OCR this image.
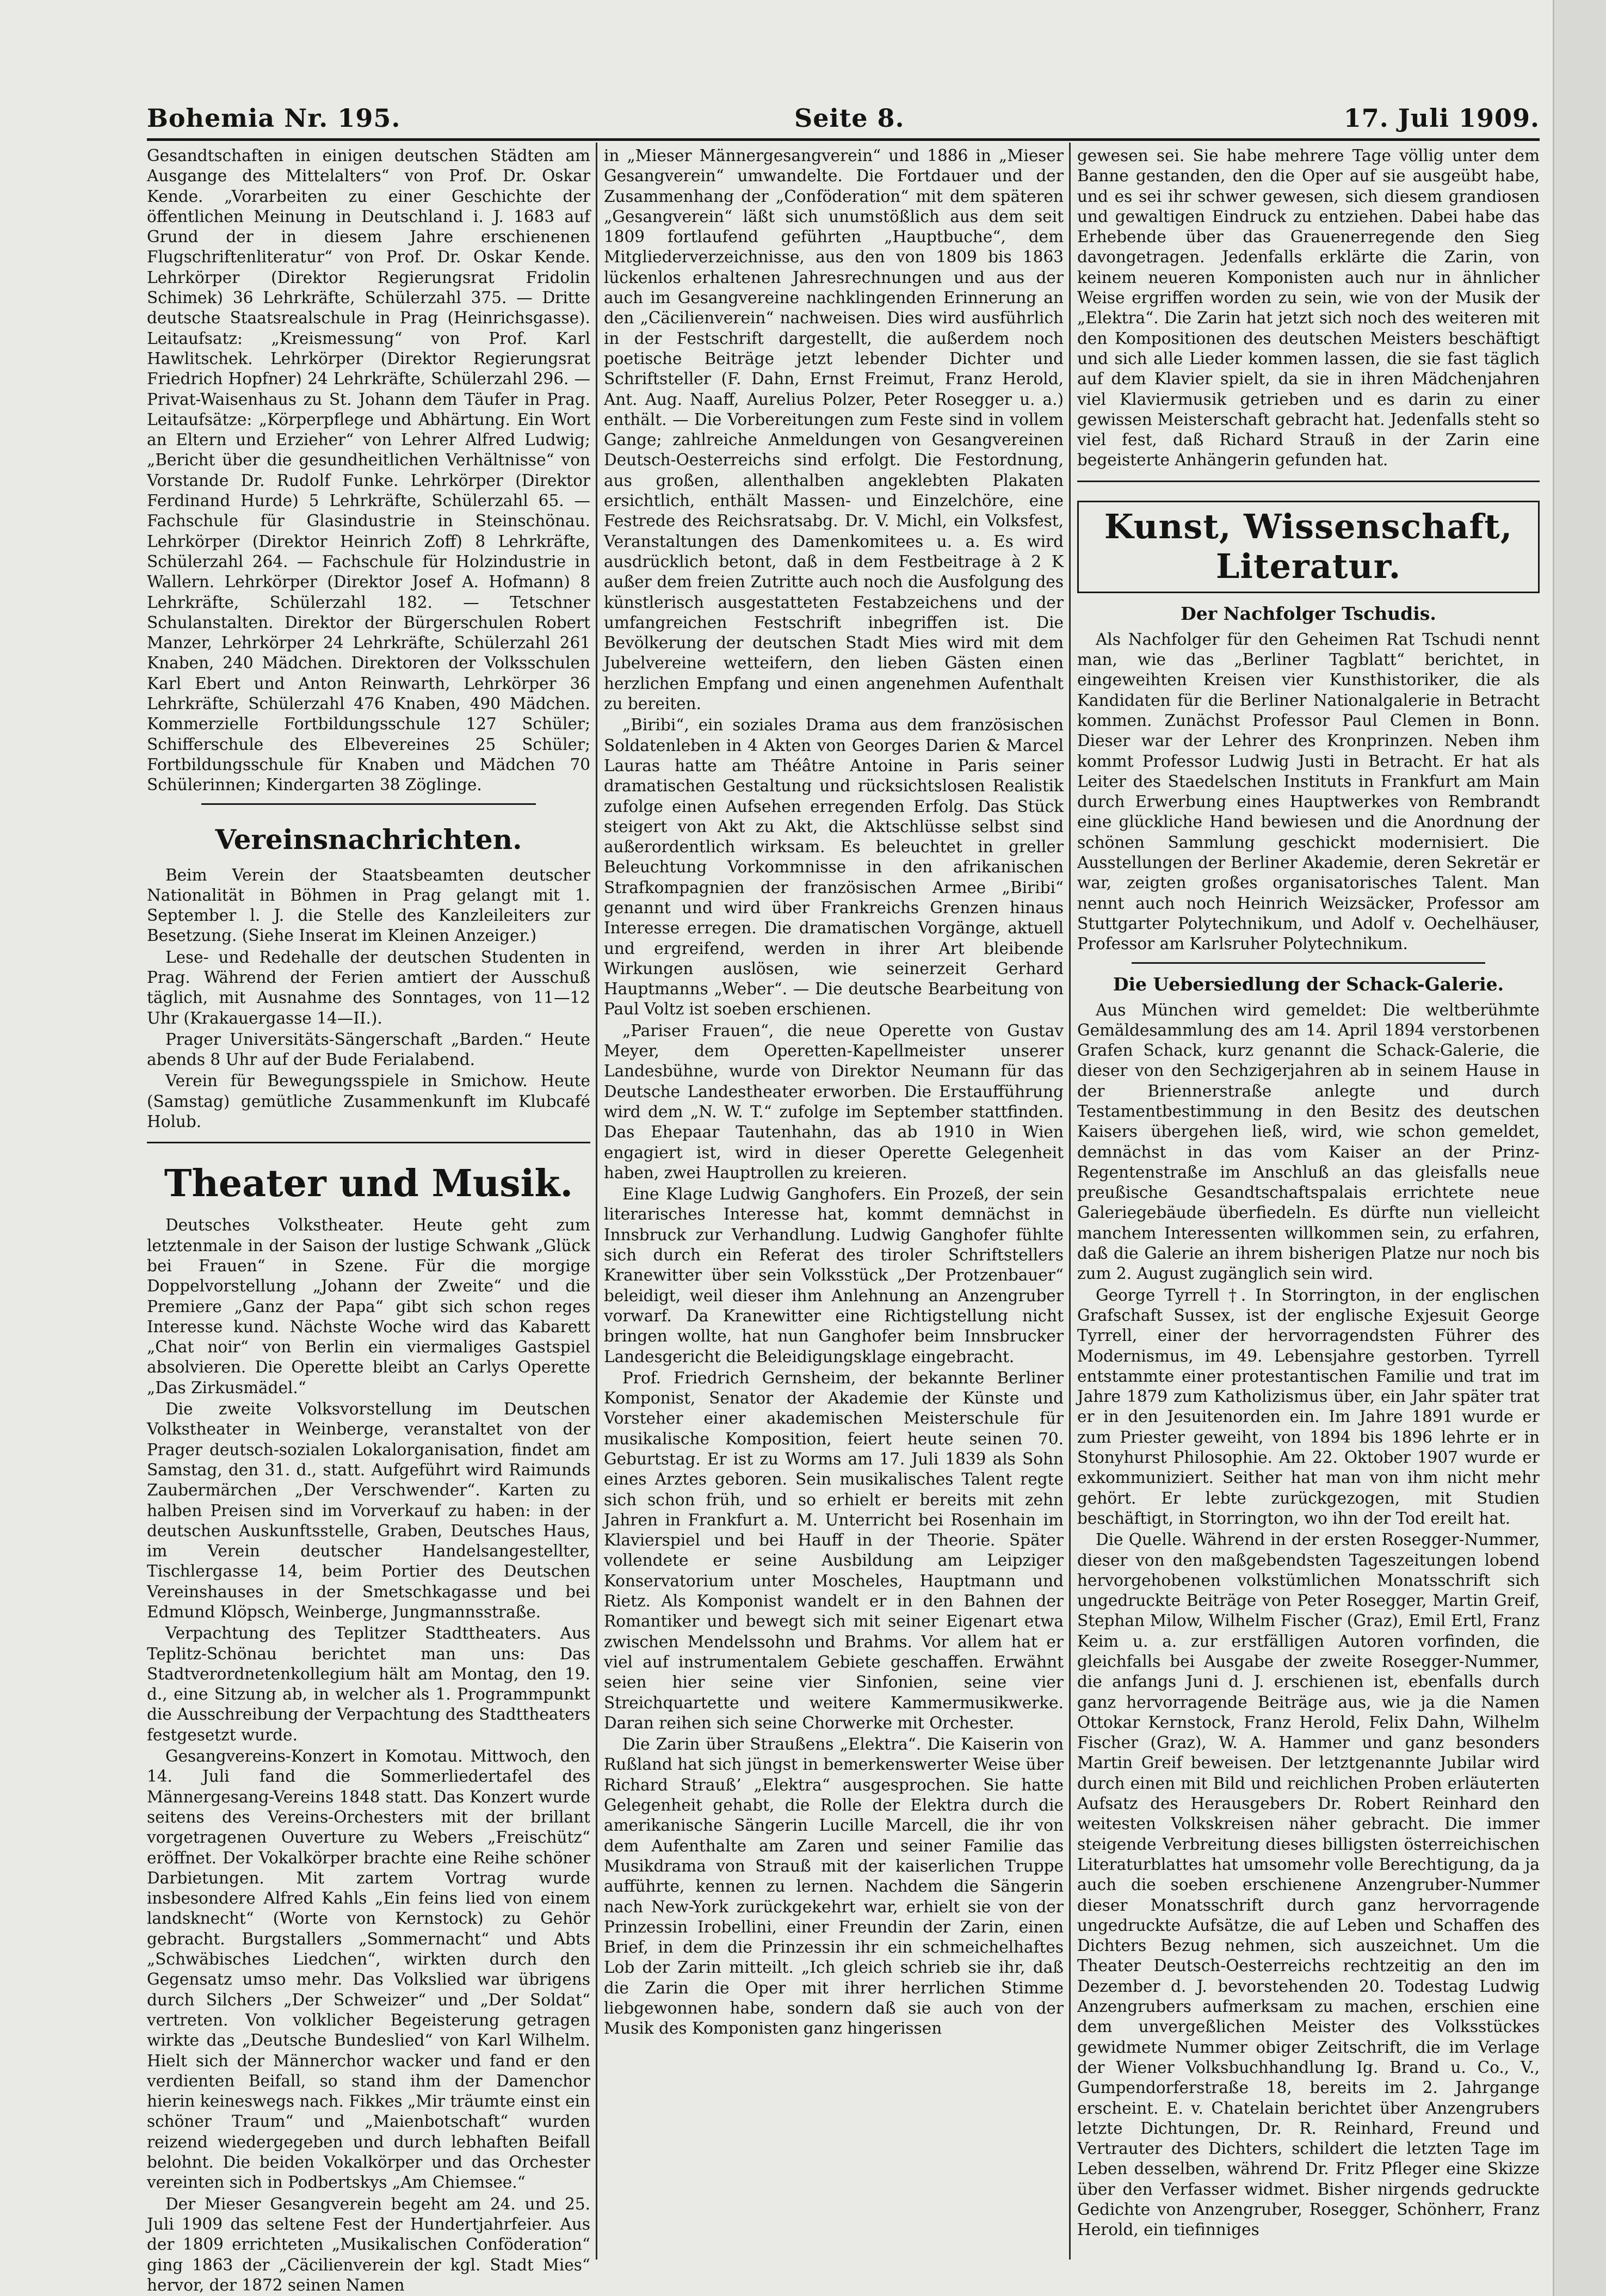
Bohemia Nr. 195.	Seite 8.	17. Juli 1909.

Gesandtschaften in einigen deutschen Städten am Ausgange des Mittelalters“ von Prof. Dr. Oskar Kende. „Vorarbeiten zu einer Geschichte der öffentlichen Meinung in Deutschland i. J. 1683 auf Grund der in diesem Jahre erschienenen Flugschriftenliteratur“ von Prof. Dr. Oskar Kende. Lehrkörper (Direktor Regierungsrat Fridolin Schimek) 36 Lehrkräfte, Schülerzahl 375. — Dritte deutsche Staatsrealschule in Prag (Heinrichsgasse). Leitaufsatz: „Kreismessung“ von Prof. Karl Hawlitschek. Lehrkörper (Direktor Regierungsrat Friedrich Hopfner) 24 Lehrkräfte, Schülerzahl 296. — Privat-Waisenhaus zu St. Johann dem Täufer in Prag. Leitaufsätze: „Körperpflege und Abhärtung. Ein Wort an Eltern und Erzieher“ von Lehrer Alfred Ludwig; „Bericht über die gesundheitlichen Verhältnisse“ von Vorstande Dr. Rudolf Funke. Lehrkörper (Direktor Ferdinand Hurde) 5 Lehrkräfte, Schülerzahl 65. — Fachschule für Glasindustrie in Steinschönau. Lehrkörper (Direktor Heinrich Zoff) 8 Lehrkräfte, Schülerzahl 264. — Fachschule für Holzindustrie in Wallern. Lehrkörper (Direktor Josef A. Hofmann) 8 Lehrkräfte, Schülerzahl 182. — Tetschner Schulanstalten. Direktor der Bürgerschulen Robert Manzer, Lehrkörper 24 Lehrkräfte, Schülerzahl 261 Knaben, 240 Mädchen. Direktoren der Volksschulen Karl Ebert und Anton Reinwarth, Lehrkörper 36 Lehrkräfte, Schülerzahl 476 Knaben, 490 Mädchen. Kommerzielle Fortbildungsschule 127 Schüler; Schifferschule des Elbevereines 25 Schüler; Fortbildungsschule für Knaben und Mädchen 70 Schülerinnen; Kindergarten 38 Zöglinge.

Vereinsnachrichten.

Beim Verein der Staatsbeamten deutscher Nationalität in Böhmen in Prag gelangt mit 1. September l. J. die Stelle des Kanzleileiters zur Besetzung. (Siehe Inserat im Kleinen Anzeiger.)

Lese- und Redehalle der deutschen Studenten in Prag. Während der Ferien amtiert der Ausschuß täglich, mit Ausnahme des Sonntages, von 11—12 Uhr (Krakauergasse 14—II.).

Prager Universitäts-Sängerschaft „Barden.“ Heute abends 8 Uhr auf der Bude Ferialabend.

Verein für Bewegungsspiele in Smichow. Heute (Samstag) gemütliche Zusammenkunft im Klubcafé Holub.

Theater und Musik.

Deutsches Volkstheater. Heute geht zum letztenmale in der Saison der lustige Schwank „Glück bei Frauen“ in Szene. Für die morgige Doppelvorstellung „Johann der Zweite“ und die Premiere „Ganz der Papa“ gibt sich schon reges Interesse kund. Nächste Woche wird das Kabarett „Chat noir“ von Berlin ein viermaliges Gastspiel absolvieren. Die Operette bleibt an Carlys Operette „Das Zirkusmädel.“

Die zweite Volksvorstellung im Deutschen Volkstheater in Weinberge, veranstaltet von der Prager deutsch-sozialen Lokalorganisation, findet am Samstag, den 31. d., statt. Aufgeführt wird Raimunds Zaubermärchen „Der Verschwender“. Karten zu halben Preisen sind im Vorverkauf zu haben: in der deutschen Auskunftsstelle, Graben, Deutsches Haus, im Verein deutscher Handelsangestellter, Tischlergasse 14, beim Portier des Deutschen Vereinshauses in der Smetschkagasse und bei Edmund Klöpsch, Weinberge, Jungmannsstraße.

Verpachtung des Teplitzer Stadttheaters. Aus Teplitz-Schönau berichtet man uns: Das Stadtverordnetenkollegium hält am Montag, den 19. d., eine Sitzung ab, in welcher als 1. Programmpunkt die Ausschreibung der Verpachtung des Stadttheaters festgesetzt wurde.

Gesangvereins-Konzert in Komotau. Mittwoch, den 14. Juli fand die Sommerliedertafel des Männergesang-Vereins 1848 statt. Das Konzert wurde seitens des Vereins-Orchesters mit der brillant vorgetragenen Ouverture zu Webers „Freischütz“ eröffnet. Der Vokalkörper brachte eine Reihe schöner Darbietungen. Mit zartem Vortrag wurde insbesondere Alfred Kahls „Ein feins lied von einem landsknecht“ (Worte von Kernstock) zu Gehör gebracht. Burgstallers „Sommernacht“ und Abts „Schwäbisches Liedchen“, wirkten durch den Gegensatz umso mehr. Das Volkslied war übrigens durch Silchers „Der Schweizer“ und „Der Soldat“ vertreten. Von volklicher Begeisterung getragen wirkte das „Deutsche Bundeslied“ von Karl Wilhelm. Hielt sich der Männerchor wacker und fand er den verdienten Beifall, so stand ihm der Damenchor hierin keineswegs nach. Fikkes „Mir träumte einst ein schöner Traum“ und „Maienbotschaft“ wurden reizend wiedergegeben und durch lebhaften Beifall belohnt. Die beiden Vokalkörper und das Orchester vereinten sich in Podbertskys „Am Chiemsee.“

Der Mieser Gesangverein begeht am 24. und 25. Juli 1909 das seltene Fest der Hundertjahrfeier. Aus der 1809 errichteten „Musikalischen Conföderation“ ging 1863 der „Cäcilienverein der kgl. Stadt Mies“ hervor, der 1872 seinen Namen

in „Mieser Männergesangverein“ und 1886 in „Mieser Gesangverein“ umwandelte. Die Fortdauer und der Zusammenhang der „Conföderation“ mit dem späteren „Gesangverein“ läßt sich unumstößlich aus dem seit 1809 fortlaufend geführten „Hauptbuche“, dem Mitgliederverzeichnisse, aus den von 1809 bis 1863 lückenlos erhaltenen Jahresrechnungen und aus der auch im Gesangvereine nachklingenden Erinnerung an den „Cäcilienverein“ nachweisen. Dies wird ausführlich in der Festschrift dargestellt, die außerdem noch poetische Beiträge jetzt lebender Dichter und Schriftsteller (F. Dahn, Ernst Freimut, Franz Herold, Ant. Aug. Naaff, Aurelius Polzer, Peter Rosegger u. a.) enthält. — Die Vorbereitungen zum Feste sind in vollem Gange; zahlreiche Anmeldungen von Gesangvereinen Deutsch-Oesterreichs sind erfolgt. Die Festordnung, aus großen, allenthalben angeklebten Plakaten ersichtlich, enthält Massen- und Einzelchöre, eine Festrede des Reichsratsabg. Dr. V. Michl, ein Volksfest, Veranstaltungen des Damenkomitees u. a. Es wird ausdrücklich betont, daß in dem Festbeitrage à 2 K außer dem freien Zutritte auch noch die Ausfolgung des künstlerisch ausgestatteten Festabzeichens und der umfangreichen Festschrift inbegriffen ist. Die Bevölkerung der deutschen Stadt Mies wird mit dem Jubelvereine wetteifern, den lieben Gästen einen herzlichen Empfang und einen angenehmen Aufenthalt zu bereiten.

„Biribi“, ein soziales Drama aus dem französischen Soldatenleben in 4 Akten von Georges Darien & Marcel Lauras hatte am Théâtre Antoine in Paris seiner dramatischen Gestaltung und rücksichtslosen Realistik zufolge einen Aufsehen erregenden Erfolg. Das Stück steigert von Akt zu Akt, die Aktschlüsse selbst sind außerordentlich wirksam. Es beleuchtet in greller Beleuchtung Vorkommnisse in den afrikanischen Strafkompagnien der französischen Armee „Biribi“ genannt und wird über Frankreichs Grenzen hinaus Interesse erregen. Die dramatischen Vorgänge, aktuell und ergreifend, werden in ihrer Art bleibende Wirkungen auslösen, wie seinerzeit Gerhard Hauptmanns „Weber“. — Die deutsche Bearbeitung von Paul Voltz ist soeben erschienen.

„Pariser Frauen“, die neue Operette von Gustav Meyer, dem Operetten-Kapellmeister unserer Landesbühne, wurde von Direktor Neumann für das Deutsche Landestheater erworben. Die Erstaufführung wird dem „N. W. T.“ zufolge im September stattfinden. Das Ehepaar Tautenhahn, das ab 1910 in Wien engagiert ist, wird in dieser Operette Gelegenheit haben, zwei Hauptrollen zu kreieren.

Eine Klage Ludwig Ganghofers. Ein Prozeß, der sein literarisches Interesse hat, kommt demnächst in Innsbruck zur Verhandlung. Ludwig Ganghofer fühlte sich durch ein Referat des tiroler Schriftstellers Kranewitter über sein Volksstück „Der Protzenbauer“ beleidigt, weil dieser ihm Anlehnung an Anzengruber vorwarf. Da Kranewitter eine Richtigstellung nicht bringen wollte, hat nun Ganghofer beim Innsbrucker Landesgericht die Beleidigungsklage eingebracht.

Prof. Friedrich Gernsheim, der bekannte Berliner Komponist, Senator der Akademie der Künste und Vorsteher einer akademischen Meisterschule für musikalische Komposition, feiert heute seinen 70. Geburtstag. Er ist zu Worms am 17. Juli 1839 als Sohn eines Arztes geboren. Sein musikalisches Talent regte sich schon früh, und so erhielt er bereits mit zehn Jahren in Frankfurt a. M. Unterricht bei Rosenhain im Klavierspiel und bei Hauff in der Theorie. Später vollendete er seine Ausbildung am Leipziger Konservatorium unter Moscheles, Hauptmann und Rietz. Als Komponist wandelt er in den Bahnen der Romantiker und bewegt sich mit seiner Eigenart etwa zwischen Mendelssohn und Brahms. Vor allem hat er viel auf instrumentalem Gebiete geschaffen. Erwähnt seien hier seine vier Sinfonien, seine vier Streichquartette und weitere Kammermusikwerke. Daran reihen sich seine Chorwerke mit Orchester.

Die Zarin über Straußens „Elektra“. Die Kaiserin von Rußland hat sich jüngst in bemerkenswerter Weise über Richard Strauß’ „Elektra“ ausgesprochen. Sie hatte Gelegenheit gehabt, die Rolle der Elektra durch die amerikanische Sängerin Lucille Marcell, die ihr von dem Aufenthalte am Zaren und seiner Familie das Musikdrama von Strauß mit der kaiserlichen Truppe aufführte, kennen zu lernen. Nachdem die Sängerin nach New-York zurückgekehrt war, erhielt sie von der Prinzessin Irobellini, einer Freundin der Zarin, einen Brief, in dem die Prinzessin ihr ein schmeichelhaftes Lob der Zarin mitteilt. „Ich gleich schrieb sie ihr, daß die Zarin die Oper mit ihrer herrlichen Stimme liebgewonnen habe, sondern daß sie auch von der Musik des Komponisten ganz hingerissen

gewesen sei. Sie habe mehrere Tage völlig unter dem Banne gestanden, den die Oper auf sie ausgeübt habe, und es sei ihr schwer gewesen, sich diesem grandiosen und gewaltigen Eindruck zu entziehen. Dabei habe das Erhebende über das Grauenerregende den Sieg davongetragen. Jedenfalls erklärte die Zarin, von keinem neueren Komponisten auch nur in ähnlicher Weise ergriffen worden zu sein, wie von der Musik der „Elektra“. Die Zarin hat jetzt sich noch des weiteren mit den Kompositionen des deutschen Meisters beschäftigt und sich alle Lieder kommen lassen, die sie fast täglich auf dem Klavier spielt, da sie in ihren Mädchenjahren viel Klaviermusik getrieben und es darin zu einer gewissen Meisterschaft gebracht hat. Jedenfalls steht so viel fest, daß Richard Strauß in der Zarin eine begeisterte Anhängerin gefunden hat.

Kunst, Wissenschaft, Literatur.
Der Nachfolger Tschudis.

Als Nachfolger für den Geheimen Rat Tschudi nennt man, wie das „Berliner Tagblatt“ berichtet, in eingeweihten Kreisen vier Kunsthistoriker, die als Kandidaten für die Berliner Nationalgalerie in Betracht kommen. Zunächst Professor Paul Clemen in Bonn. Dieser war der Lehrer des Kronprinzen. Neben ihm kommt Professor Ludwig Justi in Betracht. Er hat als Leiter des Staedelschen Instituts in Frankfurt am Main durch Erwerbung eines Hauptwerkes von Rembrandt eine glückliche Hand bewiesen und die Anordnung der schönen Sammlung geschickt modernisiert. Die Ausstellungen der Berliner Akademie, deren Sekretär er war, zeigten großes organisatorisches Talent. Man nennt auch noch Heinrich Weizsäcker, Professor am Stuttgarter Polytechnikum, und Adolf v. Oechelhäuser, Professor am Karlsruher Polytechnikum.

Die Uebersiedlung der Schack-Galerie.

Aus München wird gemeldet: Die weltberühmte Gemäldesammlung des am 14. April 1894 verstorbenen Grafen Schack, kurz genannt die Schack-Galerie, die dieser von den Sechzigerjahren ab in seinem Hause in der Briennerstraße anlegte und durch Testamentbestimmung in den Besitz des deutschen Kaisers übergehen ließ, wird, wie schon gemeldet, demnächst in das vom Kaiser an der Prinz-Regentenstraße im Anschluß an das gleisfalls neue preußische Gesandtschaftspalais errichtete neue Galeriegebäude überfiedeln. Es dürfte nun vielleicht manchem Interessenten willkommen sein, zu erfahren, daß die Galerie an ihrem bisherigen Platze nur noch bis zum 2. August zugänglich sein wird.

George Tyrrell †. In Storrington, in der englischen Grafschaft Sussex, ist der englische Exjesuit George Tyrrell, einer der hervorragendsten Führer des Modernismus, im 49. Lebensjahre gestorben. Tyrrell entstammte einer protestantischen Familie und trat im Jahre 1879 zum Katholizismus über, ein Jahr später trat er in den Jesuitenorden ein. Im Jahre 1891 wurde er zum Priester geweiht, von 1894 bis 1896 lehrte er in Stonyhurst Philosophie. Am 22. Oktober 1907 wurde er exkommuniziert. Seither hat man von ihm nicht mehr gehört. Er lebte zurückgezogen, mit Studien beschäftigt, in Storrington, wo ihn der Tod ereilt hat.

Die Quelle. Während in der ersten Rosegger-Nummer, dieser von den maßgebendsten Tageszeitungen lobend hervorgehobenen volkstümlichen Monatsschrift sich ungedruckte Beiträge von Peter Rosegger, Martin Greif, Stephan Milow, Wilhelm Fischer (Graz), Emil Ertl, Franz Keim u. a. zur erstfälligen Autoren vorfinden, die gleichfalls bei Ausgabe der zweite Rosegger-Nummer, die anfangs Juni d. J. erschienen ist, ebenfalls durch ganz hervorragende Beiträge aus, wie ja die Namen Ottokar Kernstock, Franz Herold, Felix Dahn, Wilhelm Fischer (Graz), W. A. Hammer und ganz besonders Martin Greif beweisen. Der letztgenannte Jubilar wird durch einen mit Bild und reichlichen Proben erläuterten Aufsatz des Herausgebers Dr. Robert Reinhard den weitesten Volkskreisen näher gebracht. Die immer steigende Verbreitung dieses billigsten österreichischen Literaturblattes hat umsomehr volle Berechtigung, da ja auch die soeben erschienene Anzengruber-Nummer dieser Monatsschrift durch ganz hervorragende ungedruckte Aufsätze, die auf Leben und Schaffen des Dichters Bezug nehmen, sich auszeichnet. Um die Theater Deutsch-Oesterreichs rechtzeitig an den im Dezember d. J. bevorstehenden 20. Todestag Ludwig Anzengrubers aufmerksam zu machen, erschien eine dem unvergeßlichen Meister des Volksstückes gewidmete Nummer obiger Zeitschrift, die im Verlage der Wiener Volksbuchhandlung Ig. Brand u. Co., V., Gumpendorferstraße 18, bereits im 2. Jahrgange erscheint. E. v. Chatelain berichtet über Anzengrubers letzte Dichtungen, Dr. R. Reinhard, Freund und Vertrauter des Dichters, schildert die letzten Tage im Leben desselben, während Dr. Fritz Pfleger eine Skizze über den Verfasser widmet. Bisher nirgends gedruckte Gedichte von Anzengruber, Rosegger, Schönherr, Franz Herold, ein tiefinniges
